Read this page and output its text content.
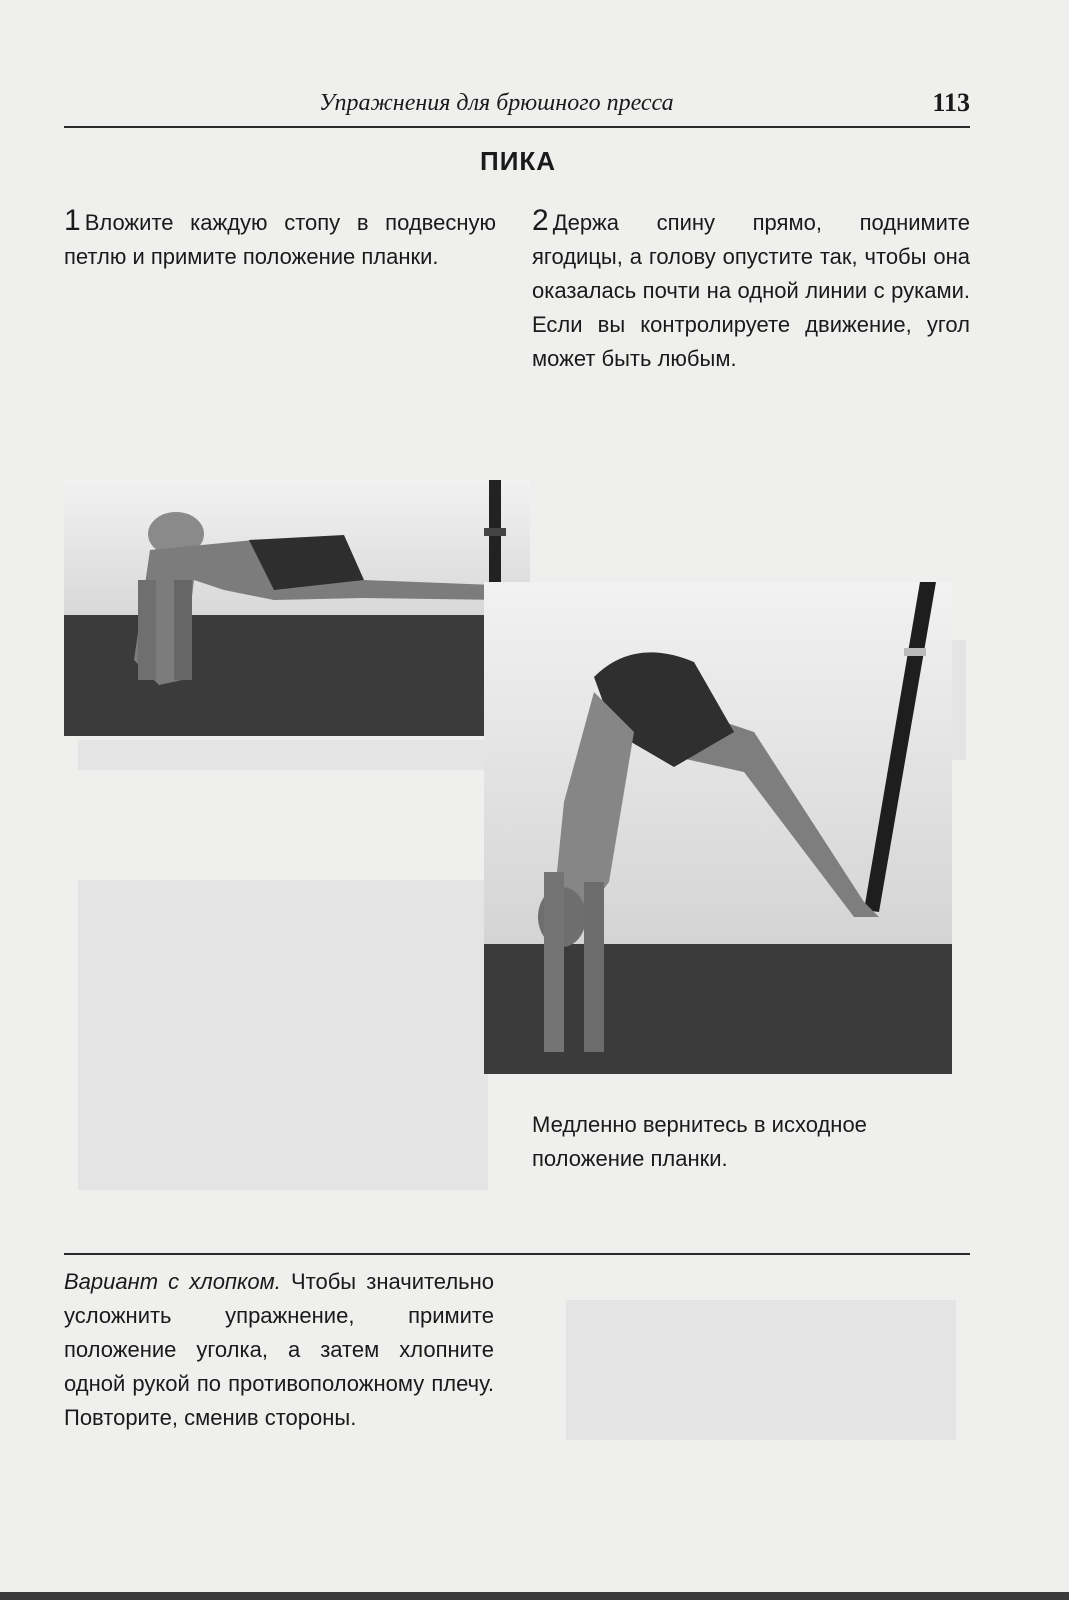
Упражнения для брюшного пресса	113
ПИКА
1 Вложите каждую стопу в подвесную петлю и примите положение планки.
2 Держа спину прямо, поднимите ягодицы, а голову опустите так, чтобы она оказалась почти на одной линии с руками. Если вы контролируете движение, угол может быть любым.
Медленно вернитесь в исходное положение планки.
Вариант с хлопком. Чтобы значительно усложнить упражнение, примите положение уголка, а затем хлопните одной рукой по противоположному плечу. Повторите, сменив стороны.
